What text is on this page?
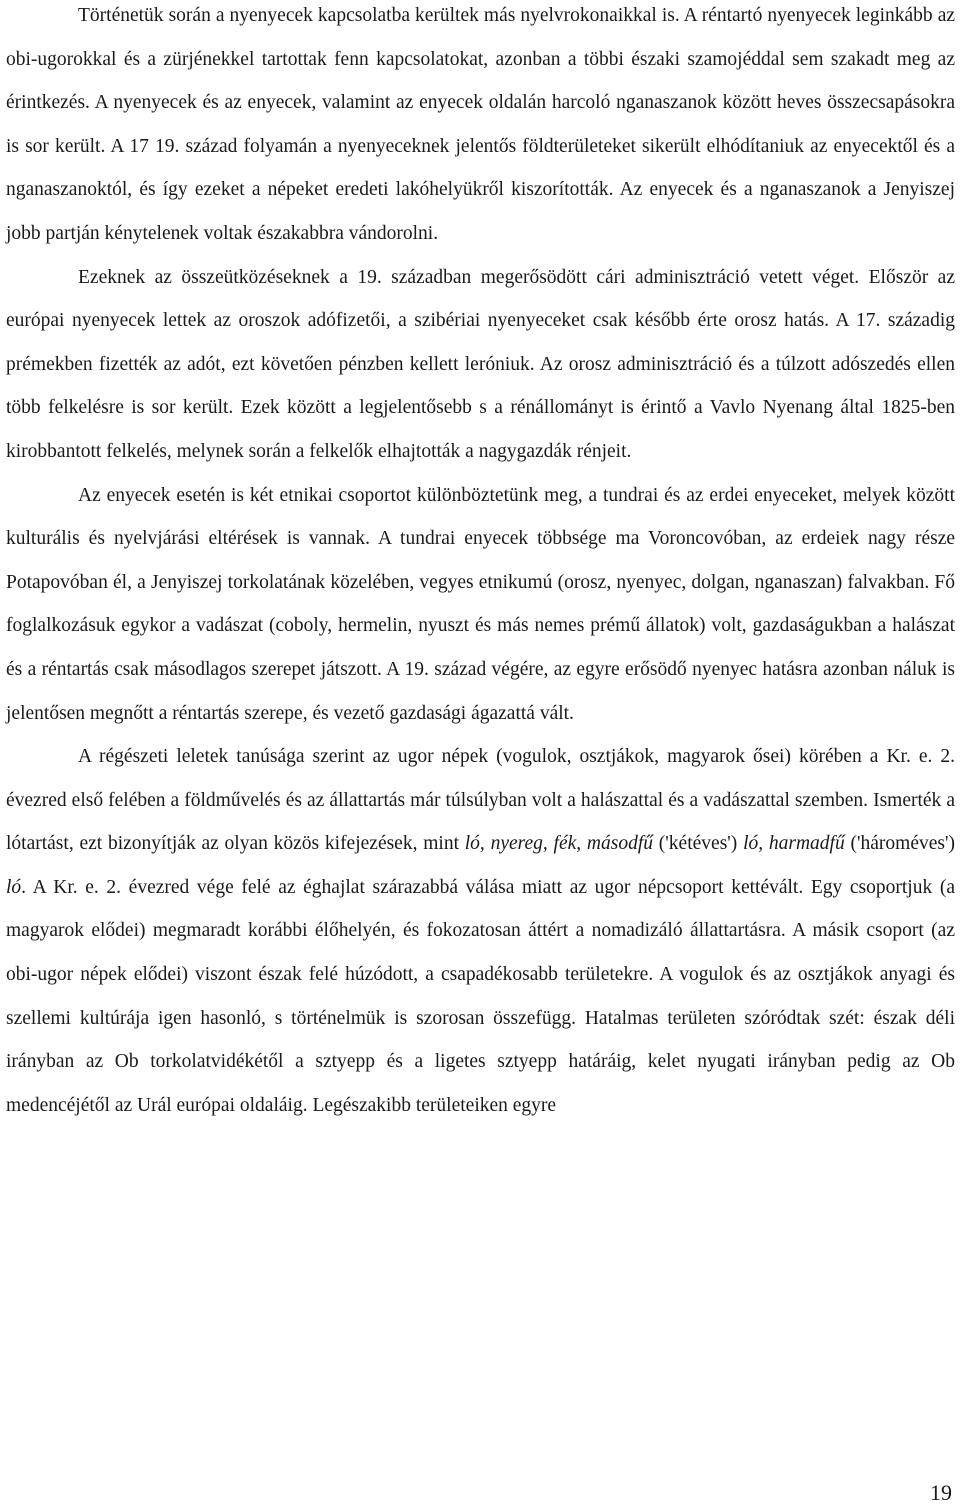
Történetük során a nyenyecek kapcsolatba kerültek más nyelvrokonaikkal is. A réntartó nyenyecek leginkább az obi-ugorokkal és a zürjénekkel tartottak fenn kapcsolatokat, azonban a többi északi szamojéddal sem szakadt meg az érintkezés. A nyenyecek és az enyecek, valamint az enyecek oldalán harcoló nganaszanok között heves összecsapásokra is sor került. A 17 19. század folyamán a nyenyeceknek jelentős földterületeket sikerült elhódítaniuk az enyecektől és a nganaszanoktól, és így ezeket a népeket eredeti lakóhelyükről kiszorították. Az enyecek és a nganaszanok a Jenyiszej jobb partján kénytelenek voltak északabbra vándorolni.

Ezeknek az összeütközéseknek a 19. században megerősödött cári adminisztráció vetett véget. Először az európai nyenyecek lettek az oroszok adófizetői, a szibériai nyenyeceket csak később érte orosz hatás. A 17. századig prémekben fizették az adót, ezt követően pénzben kellett leróniuk. Az orosz adminisztráció és a túlzott adószedés ellen több felkelésre is sor került. Ezek között a legjelentősebb s a rénállományt is érintő a Vavlo Nyenang által 1825-ben kirobbantott felkelés, melynek során a felkelők elhajtották a nagygazdák rénjeit.

Az enyecek esetén is két etnikai csoportot különböztetünk meg, a tundrai és az erdei enyeceket, melyek között kulturális és nyelvjárási eltérések is vannak. A tundrai enyecek többsége ma Voroncovóban, az erdeiek nagy része Potapovóban él, a Jenyiszej torkolatának közelében, vegyes etnikumú (orosz, nyenyec, dolgan, nganaszan) falvakban. Fő foglalkozásuk egykor a vadászat (coboly, hermelin, nyuszt és más nemes prémű állatok) volt, gazdaságukban a halászat és a réntartás csak másodlagos szerepet játszott. A 19. század végére, az egyre erősödő nyenyec hatásra azonban náluk is jelentősen megnőtt a réntartás szerepe, és vezető gazdasági ágazattá vált.

A régészeti leletek tanúsága szerint az ugor népek (vogulok, osztjákok, magyarok ősei) körében a Kr. e. 2. évezred első felében a földművelés és az állattartás már túlsúlyban volt a halászattal és a vadászattal szemben. Ismerték a lótartást, ezt bizonyítják az olyan közös kifejezések, mint ló, nyereg, fék, másodfű ('kétéves') ló, harmadfű ('hároméves') ló. A Kr. e. 2. évezred vége felé az éghajlat szárazabbá válása miatt az ugor népcsoport kettévált. Egy csoportjuk (a magyarok elődei) megmaradt korábbi élőhelyén, és fokozatosan áttért a nomadizáló állattartásra. A másik csoport (az obi-ugor népek elődei) viszont észak felé húzódott, a csapadékosabb területekre. A vogulok és az osztjákok anyagi és szellemi kultúrája igen hasonló, s történelmük is szorosan összefügg. Hatalmas területen szóródtak szét: észak déli irányban az Ob torkolatvidékétől a sztyepp és a ligetes sztyepp határáig, kelet nyugati irányban pedig az Ob medencéjétől az Urál európai oldaláig. Legészakibb területeiken egyre

19
